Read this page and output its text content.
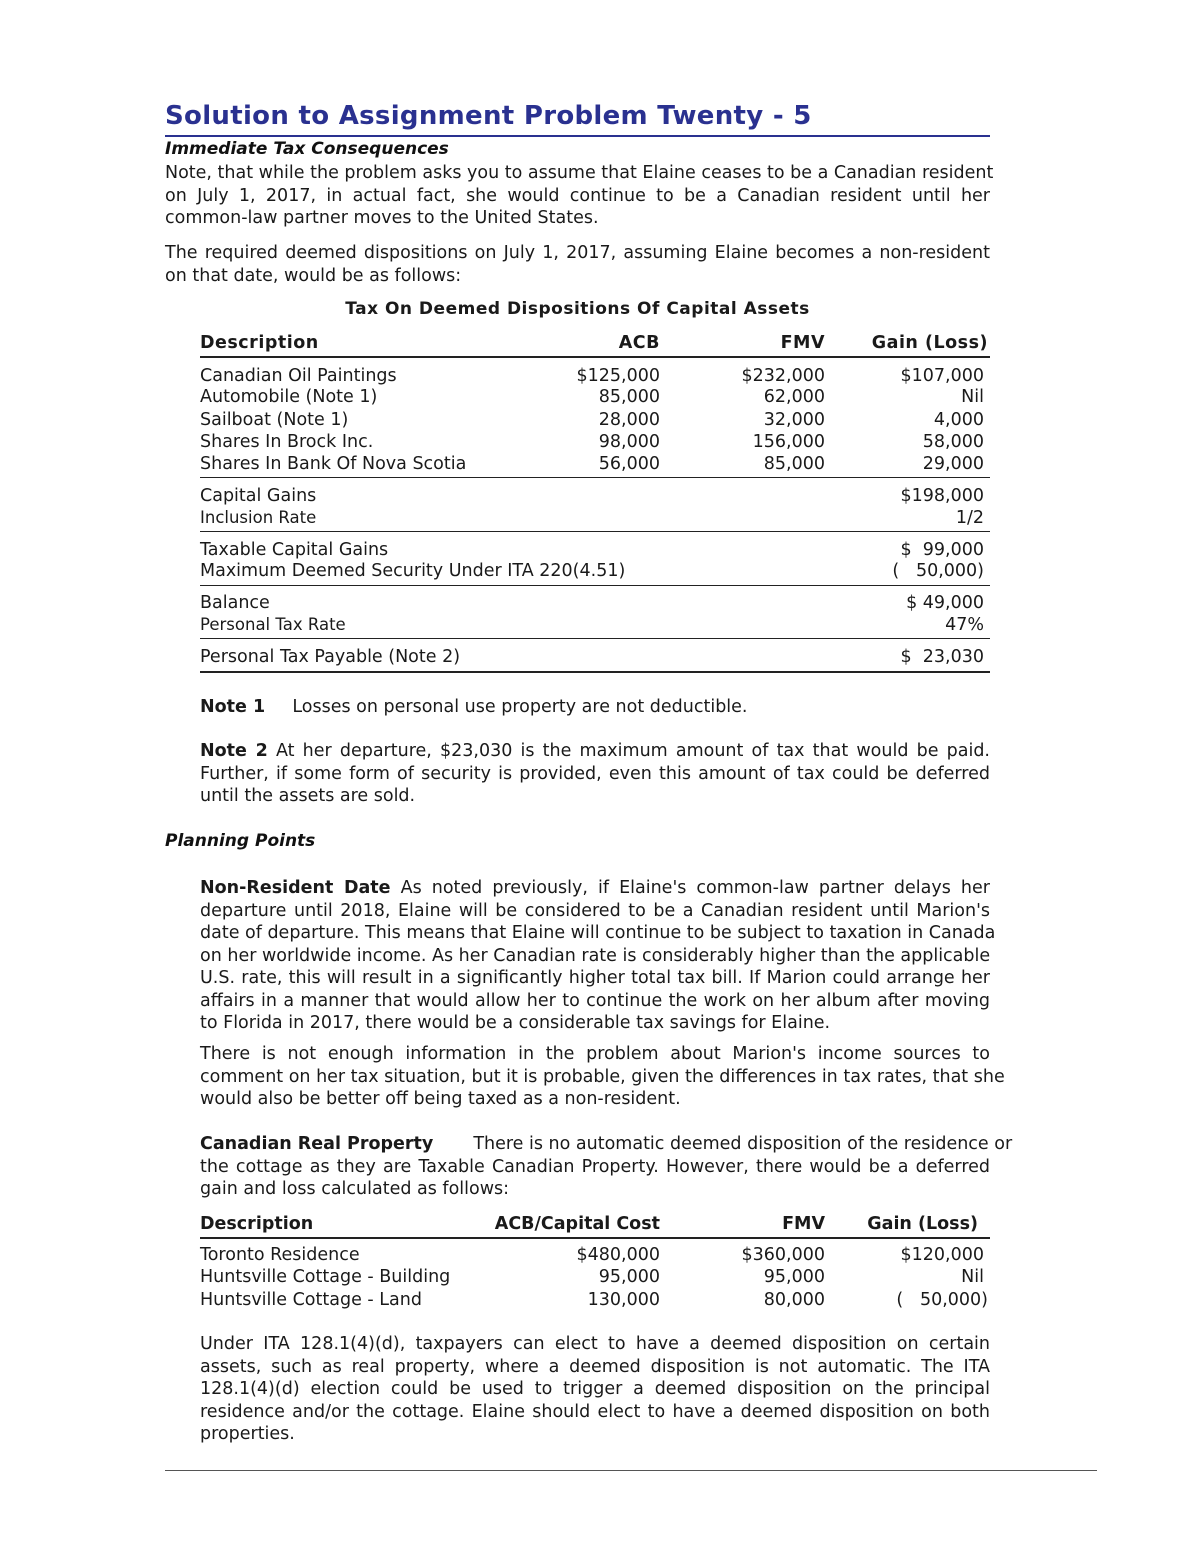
Solution to Assignment Problem Twenty - 5
Immediate Tax Consequences
Note, that while the problem asks you to assume that Elaine ceases to be a Canadian resident
on July 1, 2017, in actual fact, she would continue to be a Canadian resident until her
common-law partner moves to the United States.
The required deemed dispositions on July 1, 2017, assuming Elaine becomes a non-resident
on that date, would be as follows:
Tax On Deemed Dispositions Of Capital Assets
Description	ACB	FMV	Gain (Loss)
Canadian Oil Paintings	$125,000	$232,000	$107,000
Automobile (Note 1)	85,000	62,000	Nil
Sailboat (Note 1)	28,000	32,000	4,000
Shares In Brock Inc.	98,000	156,000	58,000
Shares In Bank Of Nova Scotia	56,000	85,000	29,000
Capital Gains	$198,000
Inclusion Rate	1/2
Taxable Capital Gains	$  99,000
Maximum Deemed Security Under ITA 220(4.51)	(   50,000)
Balance	$ 49,000
Personal Tax Rate	47%
Personal Tax Payable (Note 2)	$  23,030
Note 1 Losses on personal use property are not deductible.
Note 2 At her departure, $23,030 is the maximum amount of tax that would be paid.
Further, if some form of security is provided, even this amount of tax could be deferred
until the assets are sold.
Planning Points
Non-Resident Date As noted previously, if Elaine's common-law partner delays her
departure until 2018, Elaine will be considered to be a Canadian resident until Marion's
date of departure. This means that Elaine will continue to be subject to taxation in Canada
on her worldwide income. As her Canadian rate is considerably higher than the applicable
U.S. rate, this will result in a significantly higher total tax bill. If Marion could arrange her
affairs in a manner that would allow her to continue the work on her album after moving
to Florida in 2017, there would be a considerable tax savings for Elaine.
There is not enough information in the problem about Marion's income sources to
comment on her tax situation, but it is probable, given the differences in tax rates, that she
would also be better off being taxed as a non-resident.
Canadian Real Property There is no automatic deemed disposition of the residence or
the cottage as they are Taxable Canadian Property. However, there would be a deferred
gain and loss calculated as follows:
Description	ACB/Capital Cost	FMV	Gain (Loss)
Toronto Residence	$480,000	$360,000	$120,000
Huntsville Cottage - Building	95,000	95,000	Nil
Huntsville Cottage - Land	130,000	80,000	(   50,000)
Under ITA 128.1(4)(d), taxpayers can elect to have a deemed disposition on certain
assets, such as real property, where a deemed disposition is not automatic. The ITA
128.1(4)(d) election could be used to trigger a deemed disposition on the principal
residence and/or the cottage. Elaine should elect to have a deemed disposition on both
properties.
